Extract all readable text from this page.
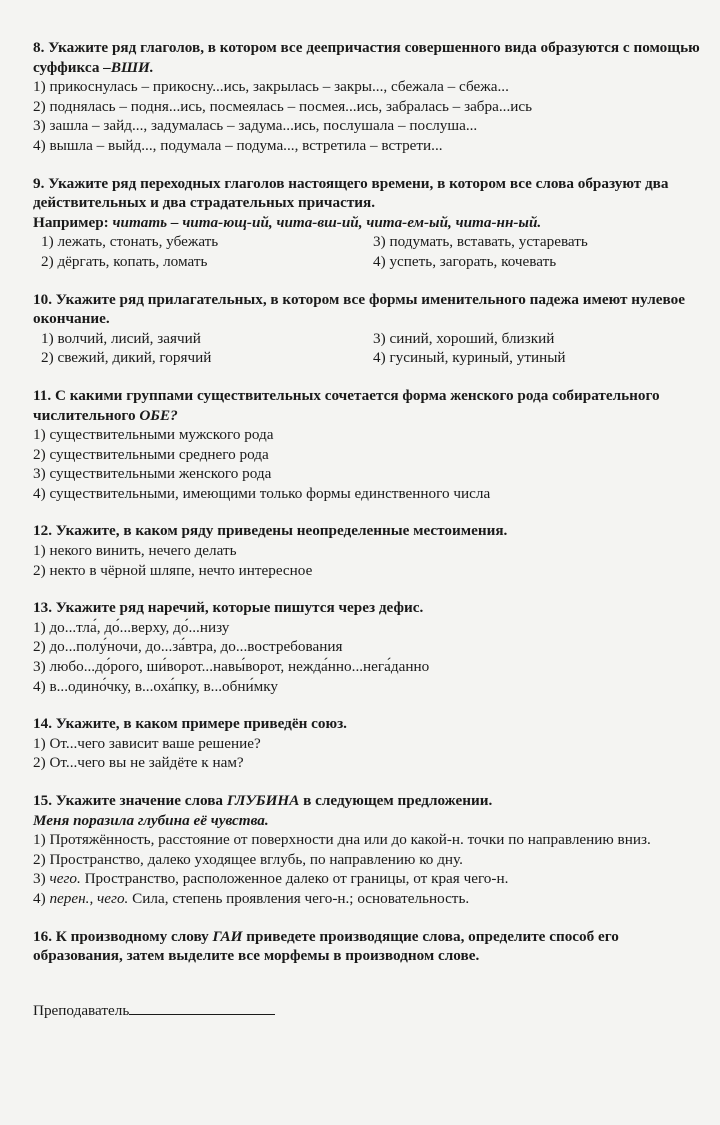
8. Укажите ряд глаголов, в котором все деепричастия совершенного вида образуются с помощью суффикса –ВШИ.
1) прикоснулась – прикосну...ись, закрылась – закры..., сбежала – сбежа...
2) поднялась – подня...ись, посмеялась – посмея...ись, забралась – забра...ись
3) зашла – зайд..., задумалась – задума...ись, послушала – послуша...
4) вышла – выйд..., подумала – подума..., встретила – встрети...
9. Укажите ряд переходных глаголов настоящего времени, в котором все слова образуют два действительных и два страдательных причастия.
Например: читать – чита-ющ-ий, чита-вш-ий, чита-ем-ый, чита-нн-ый.
1) лежать, стонать, убежать	3) подумать, вставать, устаревать
2) дёргать, копать, ломать	4) успеть, загорать, кочевать
10. Укажите ряд прилагательных, в котором все формы именительного падежа имеют нулевое окончание.
1) волчий, лисий, заячий	3) синий, хороший, близкий
2) свежий, дикий, горячий	4) гусиный, куриный, утиный
11. С какими группами существительных сочетается форма женского рода собирательного числительного ОБЕ?
1) существительными мужского рода
2) существительными среднего рода
3) существительными женского рода
4) существительными, имеющими только формы единственного числа
12. Укажите, в каком ряду приведены неопределенные местоимения.
1) некого винить, нечего делать
2) некто в чёрной шляпе, нечто интересное
13. Укажите ряд наречий, которые пишутся через дефис.
1) до...тла́, до́...верху, до́...низу
2) до...полу́ночи, до...за́втра, до...востребования
3) любо...до́рого, ши́ворот...навы́ворот, нежда́нно...нега́данно
4) в...одино́чку, в...оха́пку, в...обни́мку
14. Укажите, в каком примере приведён союз.
1) От...чего зависит ваше решение?
2) От...чего вы не зайдёте к нам?
15. Укажите значение слова ГЛУБИНА в следующем предложении.
Меня поразила глубина её чувства.
1) Протяжённость, расстояние от поверхности дна или до какой-н. точки по направлению вниз.
2) Пространство, далеко уходящее вглубь, по направлению ко дну.
3) чего. Пространство, расположенное далеко от границы, от края чего-н.
4) перен., чего. Сила, степень проявления чего-н.; основательность.
16. К производному слову ГАИ приведете производящие слова, определите способ его образования, затем выделите все морфемы в производном слове.
Преподаватель
